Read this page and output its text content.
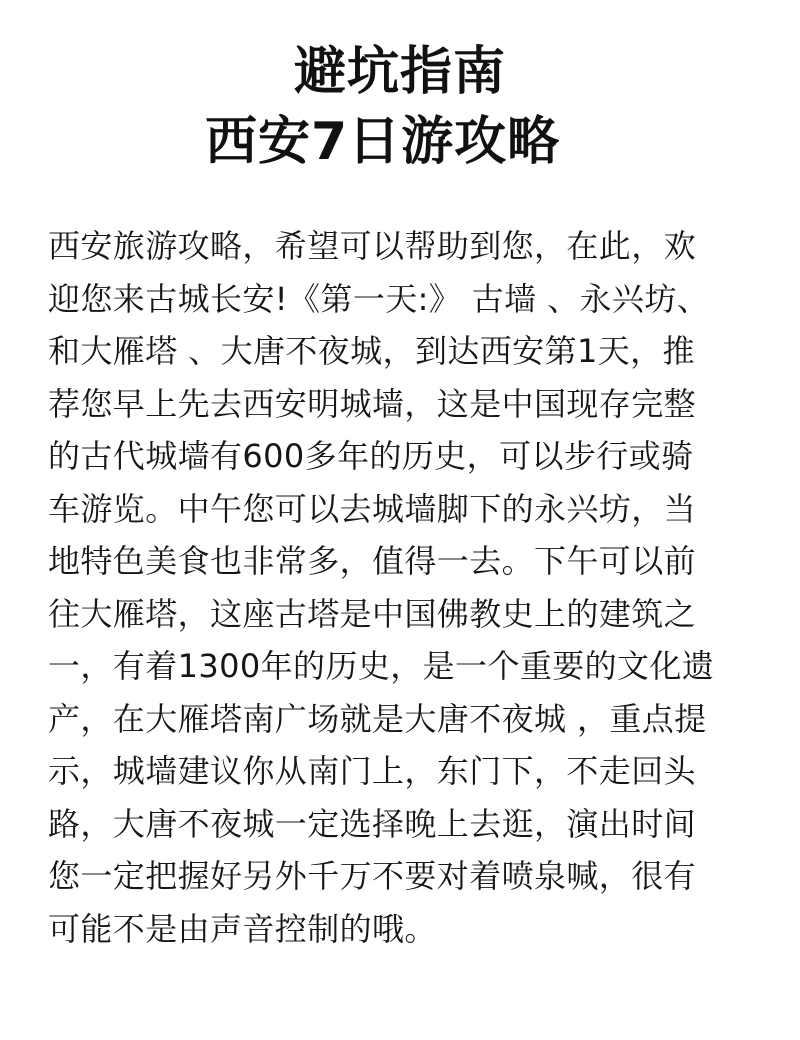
避坑指南
西安7日游攻略
西安旅游攻略，希望可以帮助到您，在此，欢
迎您来古城长安!《第一天:》 古墙 、永兴坊、
和大雁塔 、大唐不夜城，到达西安第1天，推
荐您早上先去西安明城墙，这是中国现存完整
的古代城墙有600多年的历史，可以步行或骑
车游览。中午您可以去城墙脚下的永兴坊，当
地特色美食也非常多，值得一去。下午可以前
往大雁塔，这座古塔是中国佛教史上的建筑之
一，有着1300年的历史，是一个重要的文化遗
产，在大雁塔南广场就是大唐不夜城 ，重点提
示，城墙建议你从南门上，东门下，不走回头
路，大唐不夜城一定选择晚上去逛，演出时间
您一定把握好另外千万不要对着喷泉喊，很有
可能不是由声音控制的哦。
